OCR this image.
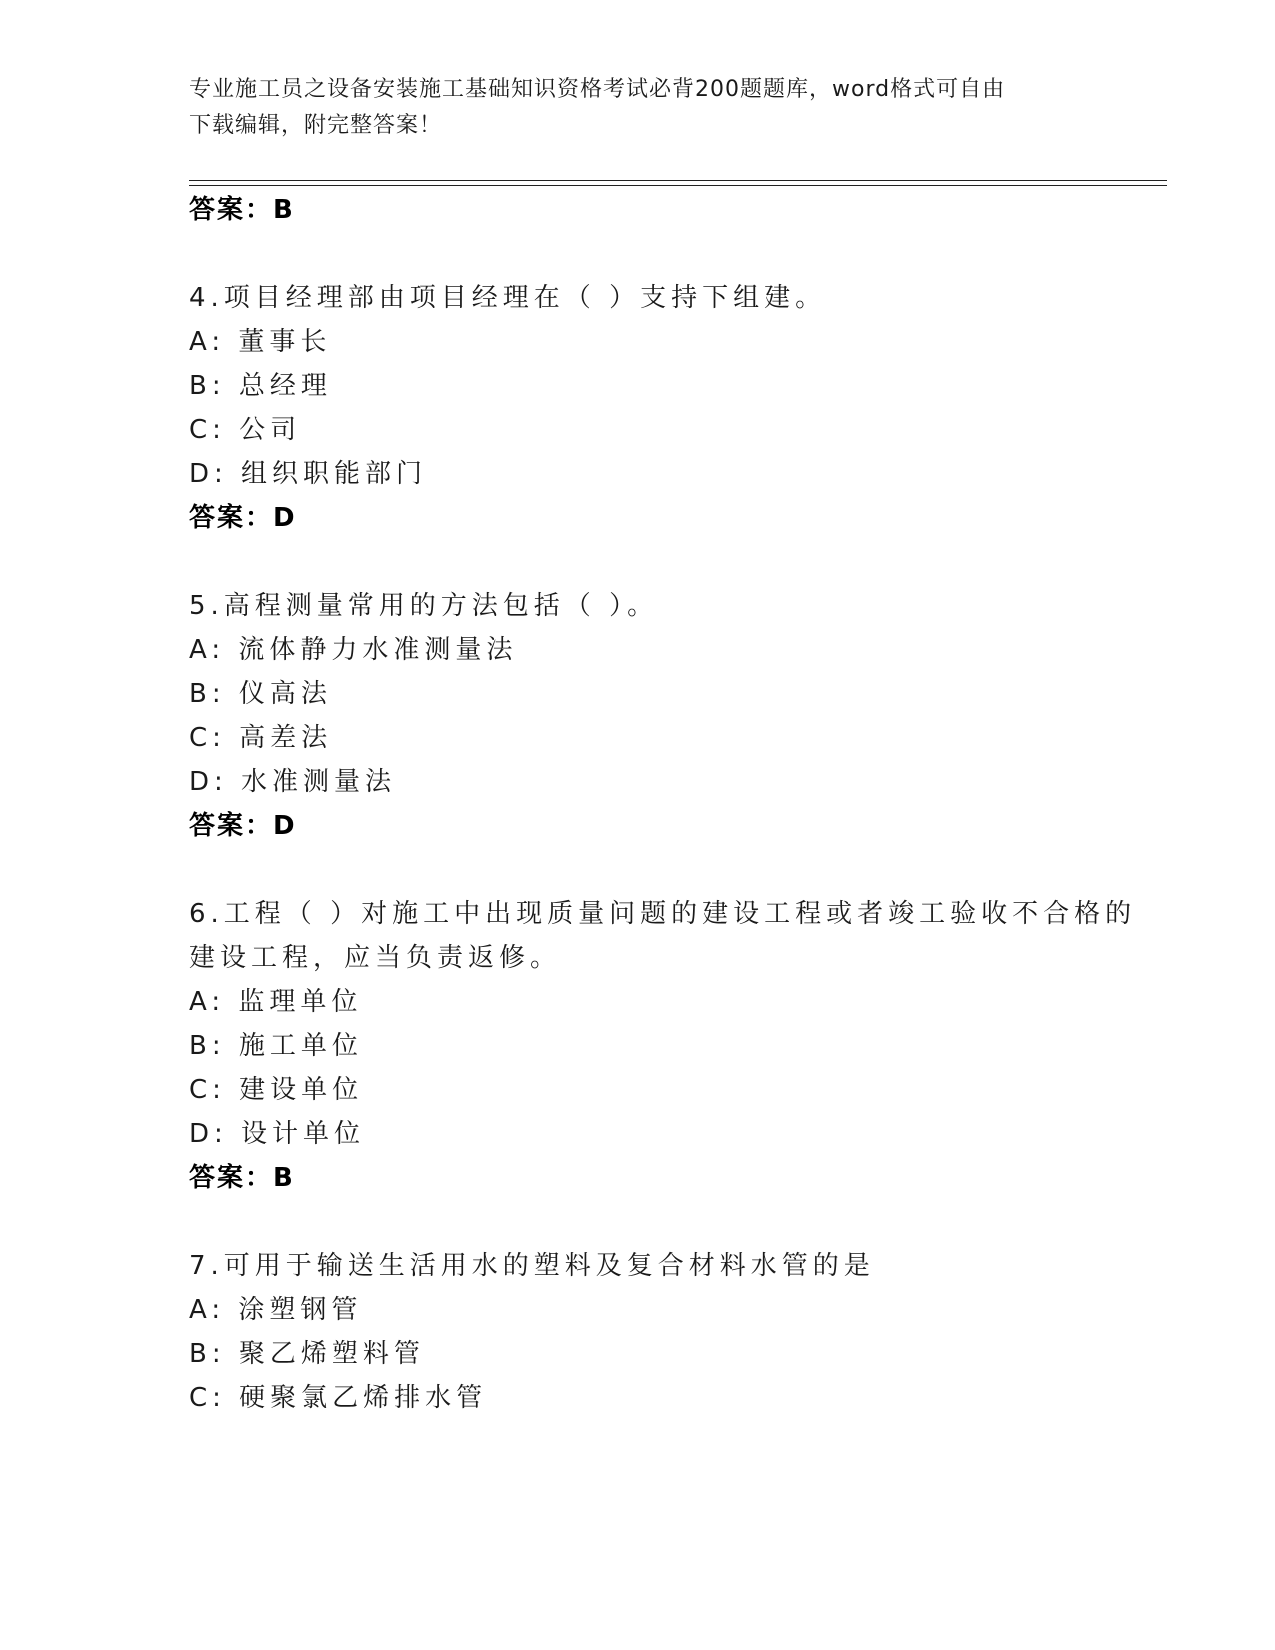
专业施工员之设备安装施工基础知识资格考试必背200题题库，word格式可自由
下载编辑，附完整答案！
答案：B
4.项目经理部由项目经理在（ ）支持下组建。
A: 董事长
B: 总经理
C: 公司
D: 组织职能部门
答案：D
5.高程测量常用的方法包括（ ）。
A: 流体静力水准测量法
B: 仪高法
C: 高差法
D: 水准测量法
答案：D
6.工程（ ）对施工中出现质量问题的建设工程或者竣工验收不合格的
建设工程，应当负责返修。
A: 监理单位
B: 施工单位
C: 建设单位
D: 设计单位
答案：B
7.可用于输送生活用水的塑料及复合材料水管的是
A: 涂塑钢管
B: 聚乙烯塑料管
C: 硬聚氯乙烯排水管
